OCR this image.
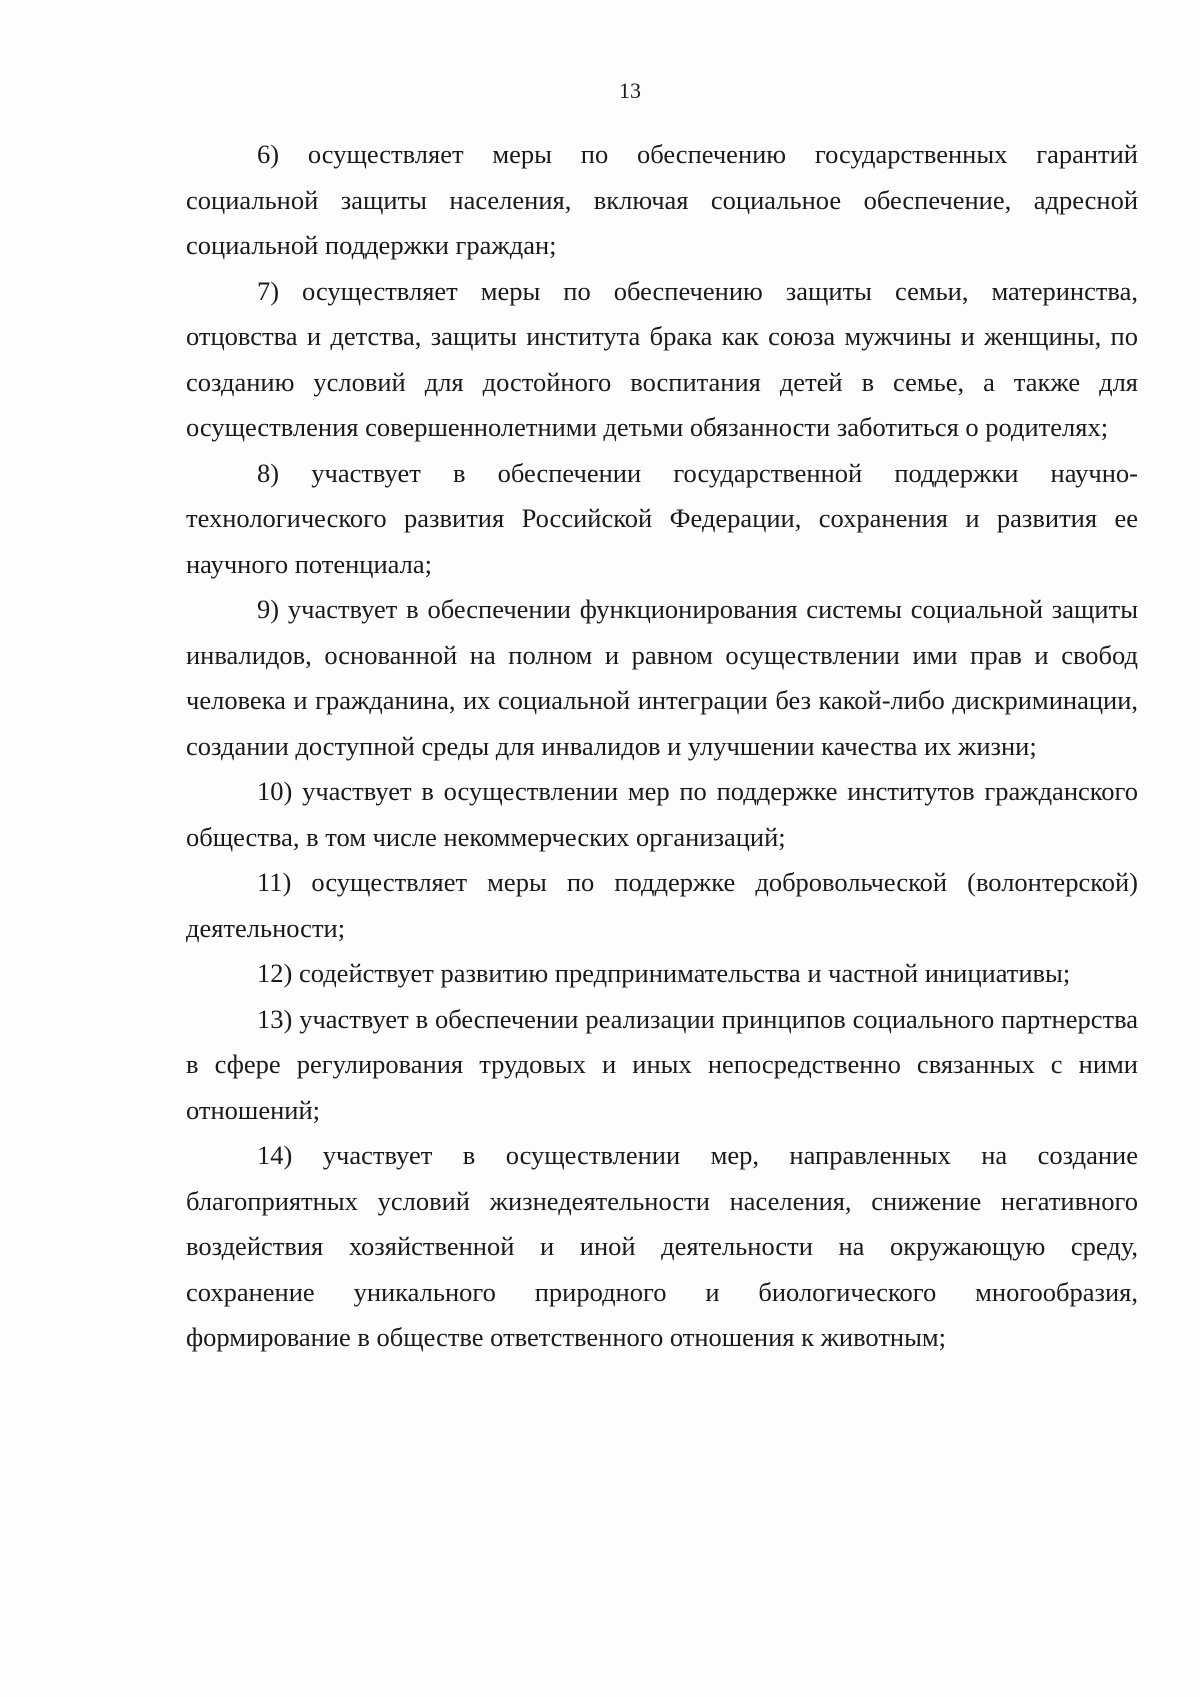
13

6) осуществляет меры по обеспечению государственных гарантий социальной защиты населения, включая социальное обеспечение, адресной социальной поддержки граждан;

7) осуществляет меры по обеспечению защиты семьи, материнства, отцовства и детства, защиты института брака как союза мужчины и женщины, по созданию условий для достойного воспитания детей в семье, а также для осуществления совершеннолетними детьми обязанности заботиться о родителях;

8) участвует в обеспечении государственной поддержки научно-технологического развития Российской Федерации, сохранения и развития ее научного потенциала;

9) участвует в обеспечении функционирования системы социальной защиты инвалидов, основанной на полном и равном осуществлении ими прав и свобод человека и гражданина, их социальной интеграции без какой-либо дискриминации, создании доступной среды для инвалидов и улучшении качества их жизни;

10) участвует в осуществлении мер по поддержке институтов гражданского общества, в том числе некоммерческих организаций;

11) осуществляет меры по поддержке добровольческой (волонтерской) деятельности;

12) содействует развитию предпринимательства и частной инициативы;

13) участвует в обеспечении реализации принципов социального партнерства в сфере регулирования трудовых и иных непосредственно связанных с ними отношений;

14) участвует в осуществлении мер, направленных на создание благоприятных условий жизнедеятельности населения, снижение негативного воздействия хозяйственной и иной деятельности на окружающую среду, сохранение уникального природного и биологического многообразия, формирование в обществе ответственного отношения к животным;
